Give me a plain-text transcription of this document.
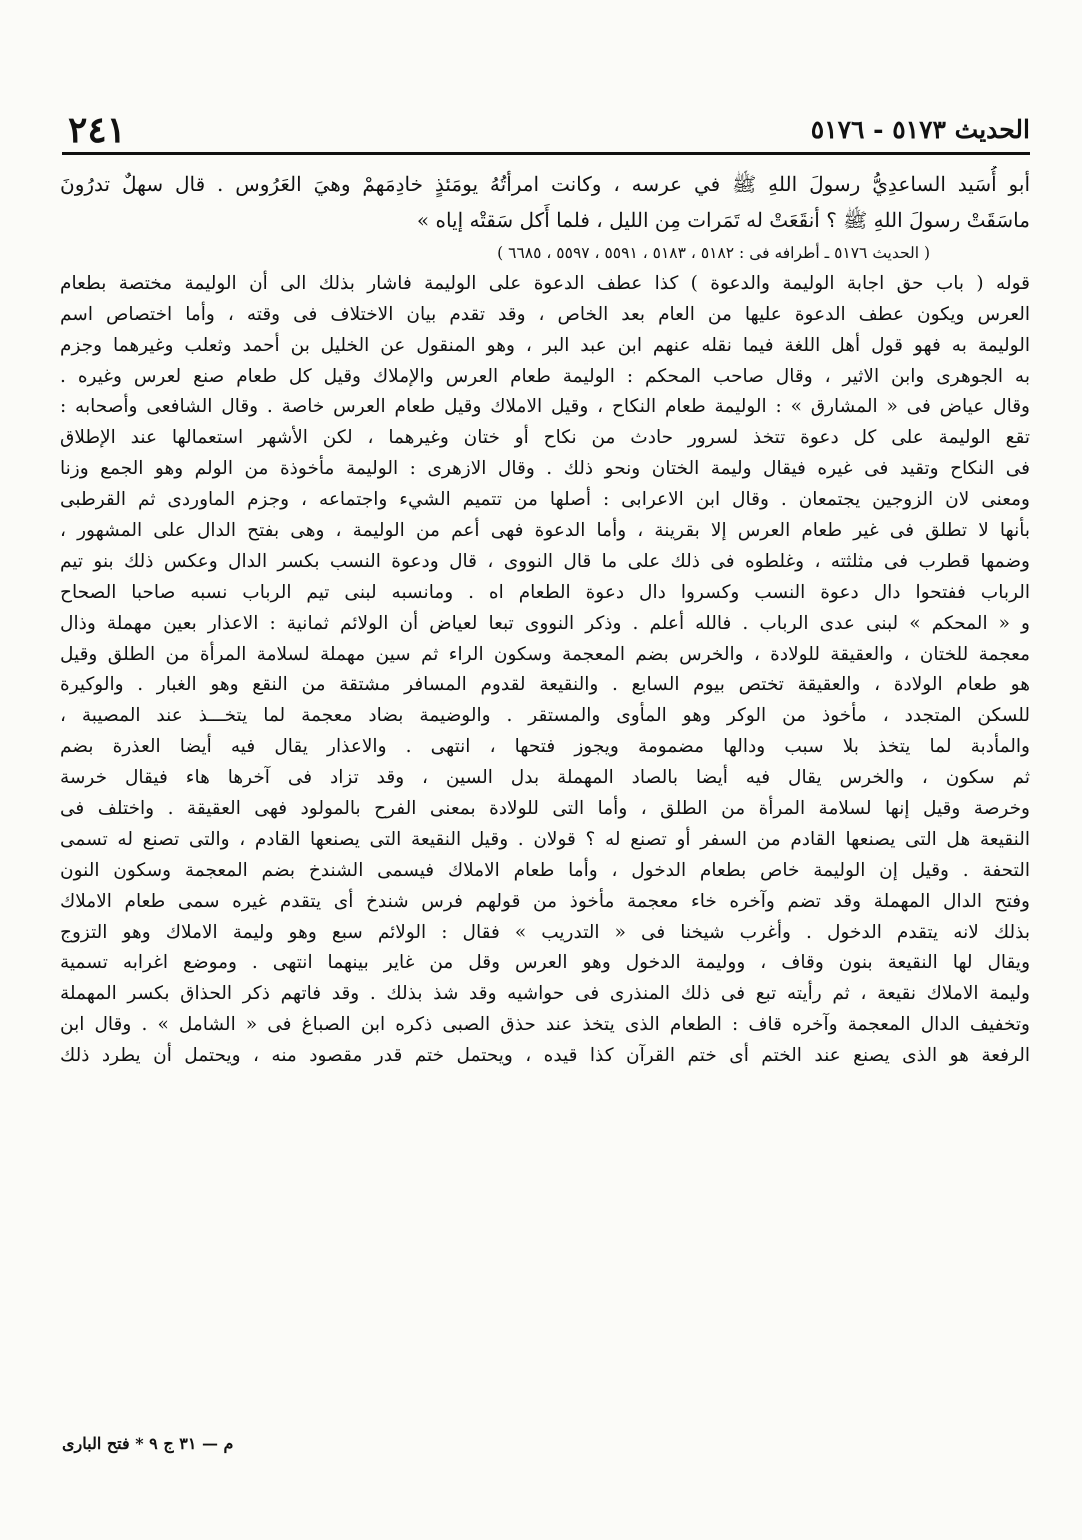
٢٤١	الحديث ٥١٧٣ - ٥١٧٦
أبو أُسَيد الساعدِيُّ رسولَ اللهِ ﷺ في عرسه ، وكانت امرأتُهُ يومَئذٍ خادِمَهمْ وهيَ العَرُوس . قال سهلٌ تدرُونَ
ماسَقَتْ رسولَ اللهِ ﷺ ؟ أنقَعَتْ له تَمَرات مِن الليل ، فلما أَكل سَقتْه إياه »
( الحديث ٥١٧٦ ـ أطرافه فى : ٥١٨٢ ، ٥١٨٣ ، ٥٥٩١ ، ٥٥٩٧ ، ٦٦٨٥ )
قوله ( باب حق اجابة الوليمة والدعوة ) كذا عطف الدعوة على الوليمة فاشار بذلك الى أن الوليمة مختصة بطعام
العرس ويكون عطف الدعوة عليها من العام بعد الخاص ، وقد تقدم بيان الاختلاف فى وقته ، وأما اختصاص اسم
الوليمة به فهو قول أهل اللغة فيما نقله عنهم ابن عبد البر ، وهو المنقول عن الخليل بن أحمد وثعلب وغيرهما وجزم
به الجوهرى وابن الاثير ، وقال صاحب المحكم : الوليمة طعام العرس والإملاك وقيل كل طعام صنع لعرس وغيره .
وقال عياض فى « المشارق » : الوليمة طعام النكاح ، وقيل الاملاك وقيل طعام العرس خاصة . وقال الشافعى وأصحابه :
تقع الوليمة على كل دعوة تتخذ لسرور حادث من نكاح أو ختان وغيرهما ، لكن الأشهر استعمالها عند الإطلاق
فى النكاح وتقيد فى غيره فيقال وليمة الختان ونحو ذلك . وقال الازهرى : الوليمة مأخوذة من الولم وهو الجمع وزنا
ومعنى لان الزوجين يجتمعان . وقال ابن الاعرابى : أصلها من تتميم الشيء واجتماعه ، وجزم الماوردى ثم القرطبى
بأنها لا تطلق فى غير طعام العرس إلا بقرينة ، وأما الدعوة فهى أعم من الوليمة ، وهى بفتح الدال على المشهور ،
وضمها قطرب فى مثلثته ، وغلطوه فى ذلك على ما قال النووى ، قال ودعوة النسب بكسر الدال وعكس ذلك بنو تيم
الرباب ففتحوا دال دعوة النسب وكسروا دال دعوة الطعام اه . ومانسبه لبنى تيم الرباب نسبه صاحبا الصحاح
و « المحكم » لبنى عدى الرباب . فالله أعلم . وذكر النووى تبعا لعياض أن الولائم ثمانية : الاعذار بعين مهملة وذال
معجمة للختان ، والعقيقة للولادة ، والخرس بضم المعجمة وسكون الراء ثم سين مهملة لسلامة المرأة من الطلق وقيل
هو طعام الولادة ، والعقيقة تختص بيوم السابع . والنقيعة لقدوم المسافر مشتقة من النقع وهو الغبار . والوكيرة
للسكن المتجدد ، مأخوذ من الوكر وهو المأوى والمستقر . والوضيمة بضاد معجمة لما يتخـــذ عند المصيبة ،
والمأدبة لما يتخذ بلا سبب ودالها مضمومة ويجوز فتحها ، انتهى . والاعذار يقال فيه أيضا العذرة بضم
ثم سكون ، والخرس يقال فيه أيضا بالصاد المهملة بدل السين ، وقد تزاد فى آخرها هاء فيقال خرسة
وخرصة وقيل إنها لسلامة المرأة من الطلق ، وأما التى للولادة بمعنى الفرح بالمولود فهى العقيقة . واختلف فى
النقيعة هل التى يصنعها القادم من السفر أو تصنع له ؟ قولان . وقيل النقيعة التى يصنعها القادم ، والتى تصنع له تسمى
التحفة . وقيل إن الوليمة خاص بطعام الدخول ، وأما طعام الاملاك فيسمى الشندخ بضم المعجمة وسكون النون
وفتح الدال المهملة وقد تضم وآخره خاء معجمة مأخوذ من قولهم فرس شندخ أى يتقدم غيره سمى طعام الاملاك
بذلك لانه يتقدم الدخول . وأغرب شيخنا فى « التدريب » فقال : الولائم سبع وهو وليمة الاملاك وهو التزوج
ويقال لها النقيعة بنون وقاف ، ووليمة الدخول وهو العرس وقل من غاير بينهما انتهى . وموضع اغرابه تسمية
وليمة الاملاك نقيعة ، ثم رأيته تبع فى ذلك المنذرى فى حواشيه وقد شذ بذلك . وقد فاتهم ذكر الحذاق بكسر المهملة
وتخفيف الدال المعجمة وآخره قاف : الطعام الذى يتخذ عند حذق الصبى ذكره ابن الصباغ فى « الشامل » . وقال ابن
الرفعة هو الذى يصنع عند الختم أى ختم القرآن كذا قيده ، ويحتمل ختم قدر مقصود منه ، ويحتمل أن يطرد ذلك
م — ٣١ ج ٩ * فتح البارى
